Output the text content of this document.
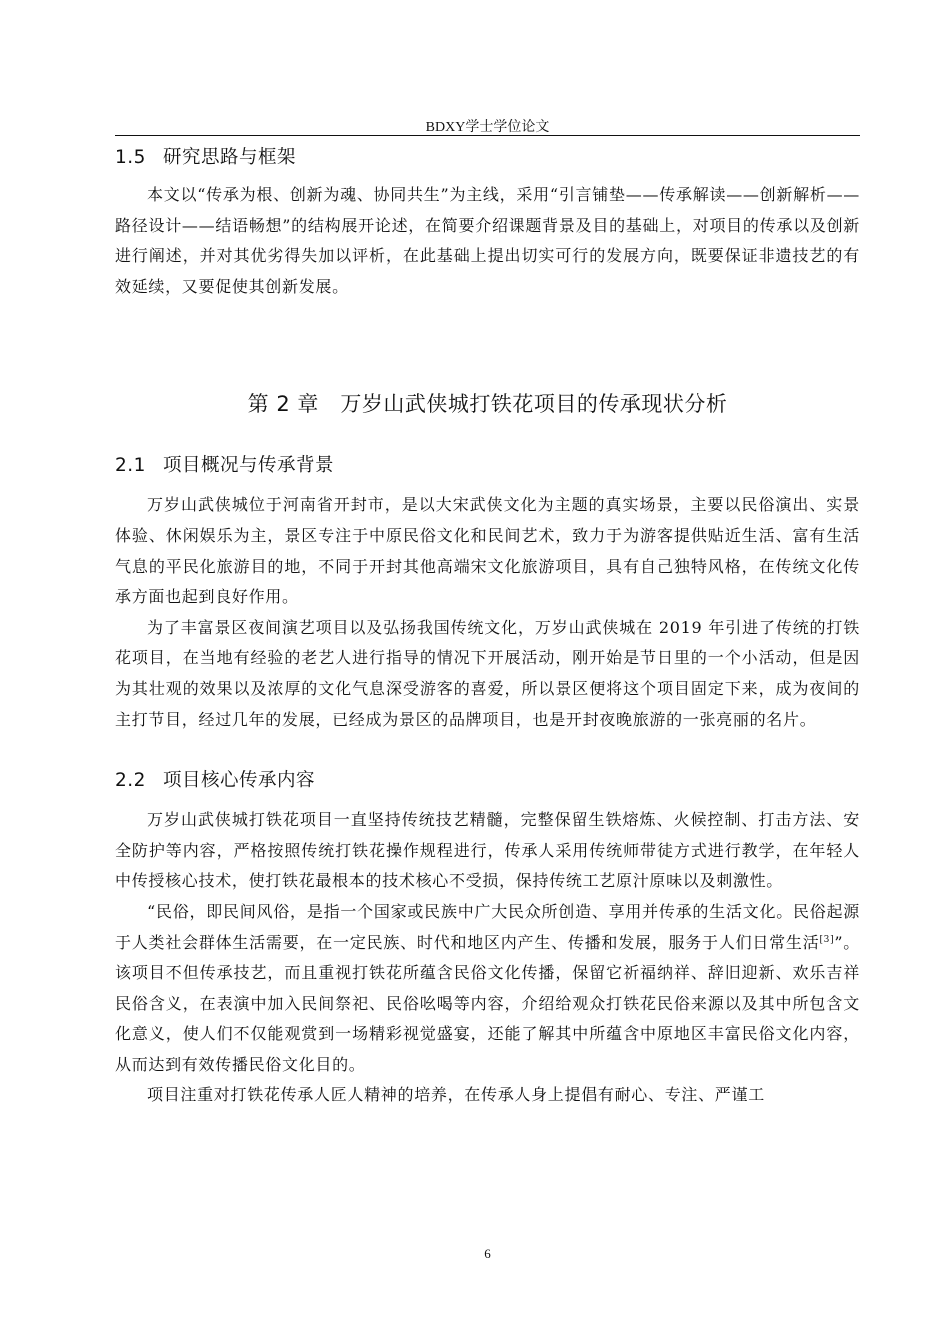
BDXY学士学位论文
1.5 研究思路与框架

本文以“传承为根、创新为魂、协同共生”为主线，采用“引言铺垫——传承解读——创新解析——路径设计——结语畅想”的结构展开论述，在简要介绍课题背景及目的基础上，对项目的传承以及创新进行阐述，并对其优劣得失加以评析，在此基础上提出切实可行的发展方向，既要保证非遗技艺的有效延续，又要促使其创新发展。

第 2 章　万岁山武侠城打铁花项目的传承现状分析
2.1 项目概况与传承背景

万岁山武侠城位于河南省开封市，是以大宋武侠文化为主题的真实场景，主要以民俗演出、实景体验、休闲娱乐为主，景区专注于中原民俗文化和民间艺术，致力于为游客提供贴近生活、富有生活气息的平民化旅游目的地，不同于开封其他高端宋文化旅游项目，具有自己独特风格，在传统文化传承方面也起到良好作用。

为了丰富景区夜间演艺项目以及弘扬我国传统文化，万岁山武侠城在 2019 年引进了传统的打铁花项目，在当地有经验的老艺人进行指导的情况下开展活动，刚开始是节日里的一个小活动，但是因为其壮观的效果以及浓厚的文化气息深受游客的喜爱，所以景区便将这个项目固定下来，成为夜间的主打节目，经过几年的发展，已经成为景区的品牌项目，也是开封夜晚旅游的一张亮丽的名片。

2.2 项目核心传承内容

万岁山武侠城打铁花项目一直坚持传统技艺精髓，完整保留生铁熔炼、火候控制、打击方法、安全防护等内容，严格按照传统打铁花操作规程进行，传承人采用传统师带徒方式进行教学，在年轻人中传授核心技术，使打铁花最根本的技术核心不受损，保持传统工艺原汁原味以及刺激性。

“民俗，即民间风俗，是指一个国家或民族中广大民众所创造、享用并传承的生活文化。民俗起源于人类社会群体生活需要，在一定民族、时代和地区内产生、传播和发展，服务于人们日常生活[3]”。该项目不但传承技艺，而且重视打铁花所蕴含民俗文化传播，保留它祈福纳祥、辞旧迎新、欢乐吉祥民俗含义，在表演中加入民间祭祀、民俗吆喝等内容，介绍给观众打铁花民俗来源以及其中所包含文化意义，使人们不仅能观赏到一场精彩视觉盛宴，还能了解其中所蕴含中原地区丰富民俗文化内容，从而达到有效传播民俗文化目的。

项目注重对打铁花传承人匠人精神的培养，在传承人身上提倡有耐心、专注、严谨工

6
